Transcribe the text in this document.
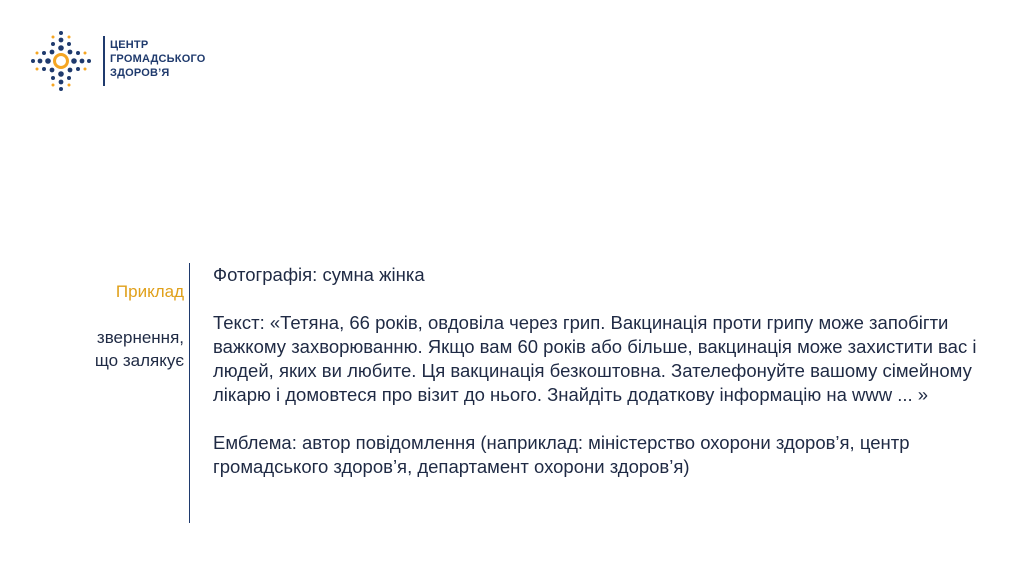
ЦЕНТР
ГРОМАДСЬКОГО
ЗДОРОВ’Я
Приклад
звернення,
що залякує

Фотографія: сумна жінка

Текст: «Тетяна, 66 років, овдовіла через грип. Вакцинація проти грипу може запобігти важкому захворюванню. Якщо вам 60 років або більше, вакцинація може захистити вас і людей, яких ви любите. Ця вакцинація безкоштовна. Зателефонуйте вашому сімейному лікарю і домовтеся про візит до нього. Знайдіть додаткову інформацію на www ... »

Емблема: автор повідомлення (наприклад: міністерство охорони здоров’я, центр громадського здоров’я, департамент охорони здоров’я)
